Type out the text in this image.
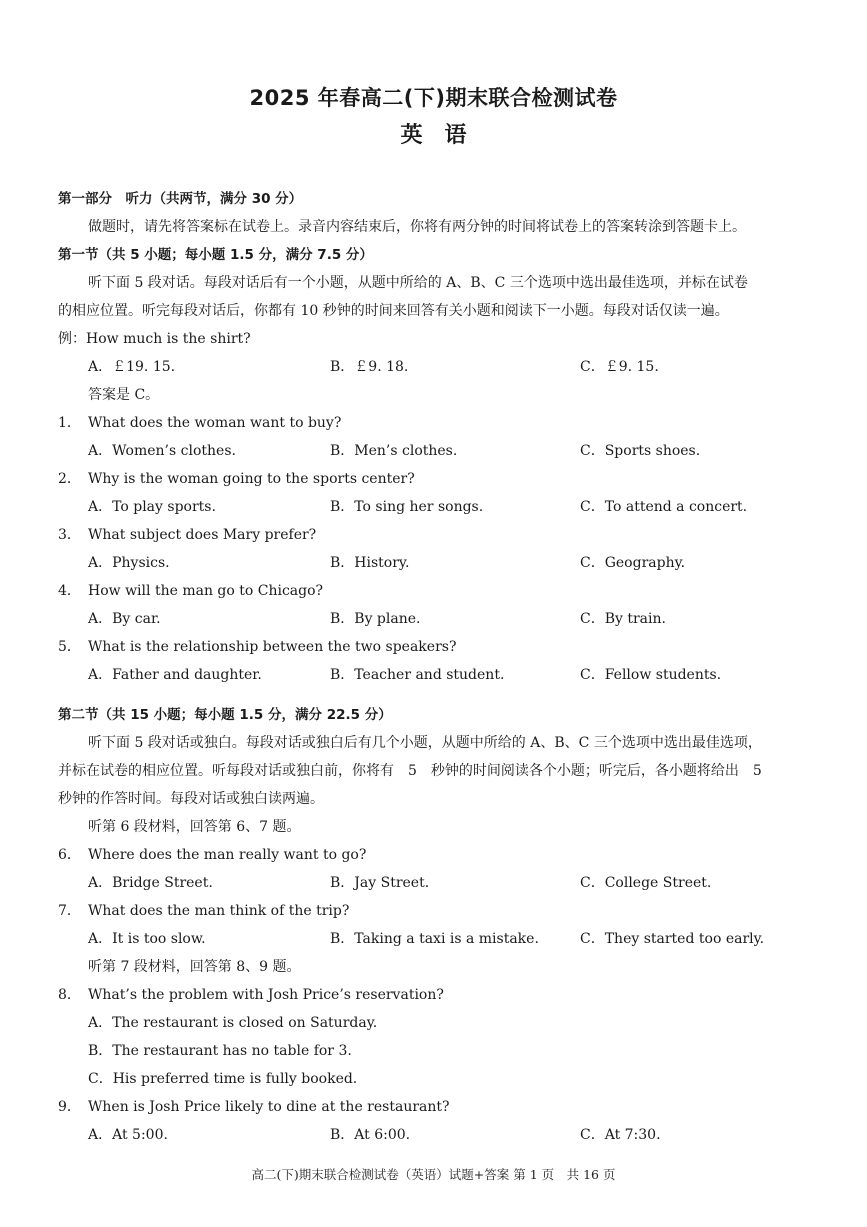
2025 年春高二(下)期末联合检测试卷
英语
第一部分　听力（共两节，满分 30 分）
做题时，请先将答案标在试卷上。录音内容结束后，你将有两分钟的时间将试卷上的答案转涂到答题卡上。
第一节（共 5 小题；每小题 1.5 分，满分 7.5 分）
听下面 5 段对话。每段对话后有一个小题，从题中所给的 A、B、C 三个选项中选出最佳选项，并标在试卷
的相应位置。听完每段对话后，你都有 10 秒钟的时间来回答有关小题和阅读下一小题。每段对话仅读一遍。
例：How much is the shirt?
A．￡19. 15.	B．￡9. 18.	C．￡9. 15.
答案是 C。
1． What does the woman want to buy?
A．Women’s clothes.	B．Men’s clothes.	C．Sports shoes.
2． Why is the woman going to the sports center?
A．To play sports.	B．To sing her songs.	C．To attend a concert.
3． What subject does Mary prefer?
A．Physics.	B．History.	C．Geography.
4． How will the man go to Chicago?
A．By car.	B．By plane.	C．By train.
5． What is the relationship between the two speakers?
A．Father and daughter.	B．Teacher and student.	C．Fellow students.
第二节（共 15 小题；每小题 1.5 分，满分 22.5 分）
听下面 5 段对话或独白。每段对话或独白后有几个小题，从题中所给的 A、B、C 三个选项中选出最佳选项，
并标在试卷的相应位置。听每段对话或独白前，你将有　5　秒钟的时间阅读各个小题；听完后，各小题将给出　5
秒钟的作答时间。每段对话或独白读两遍。
听第 6 段材料，回答第 6、7 题。
6． Where does the man really want to go?
A．Bridge Street.	B．Jay Street.	C．College Street.
7． What does the man think of the trip?
A．It is too slow.	B．Taking a taxi is a mistake.	C．They started too early.
听第 7 段材料，回答第 8、9 题。
8． What’s the problem with Josh Price’s reservation?
A．The restaurant is closed on Saturday.
B．The restaurant has no table for 3.
C．His preferred time is fully booked.
9． When is Josh Price likely to dine at the restaurant?
A．At 5:00.	B．At 6:00.	C．At 7:30.
高二(下)期末联合检测试卷（英语）试题+答案 第 1 页　共 16 页
